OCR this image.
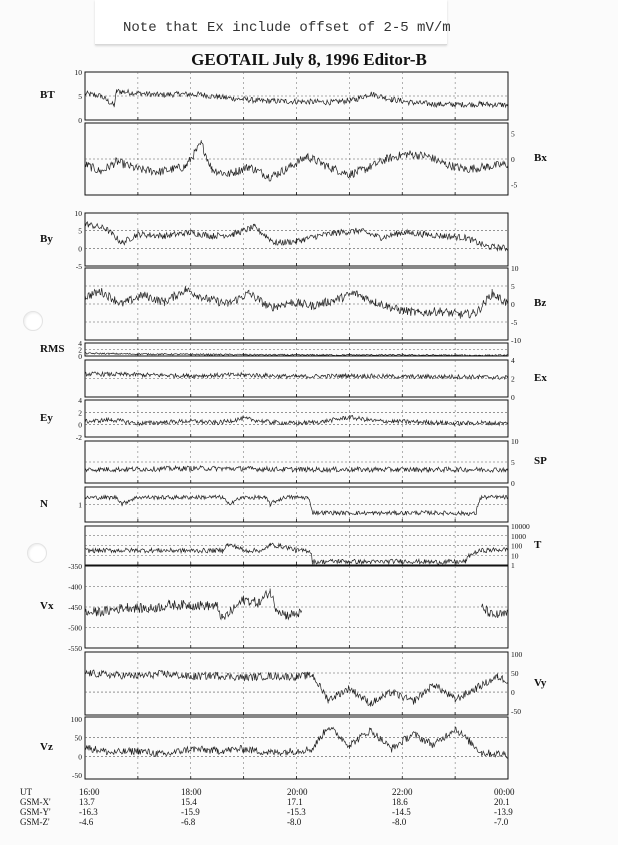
Note that Ex include offset of 2-5 mV/m
GEOTAIL July 8, 1996 Editor-B
10
5
0
5
0
-5
10
5
0
-5	10
5
0
-5
-10
4
2
0	4
2
0
4
2
0
-2	10
5
0
1
10000
1000
100
10
1
-350
-400
-450
-500
-550
100
50
0
-50
100
50
0
-50
BT
Bx
By
Bz
RMS
Ex
Ey
SP
N
T
Vx
Vy
Vz
UT	16:00	18:00	20:00	22:00	00:00
GSM-X'	13.7	15.4	17.1	18.6	20.1
GSM-Y'	-16.3	-15.9	-15.3	-14.5	-13.9
GSM-Z'	-4.6	-6.8	-8.0	-8.0	-7.0
